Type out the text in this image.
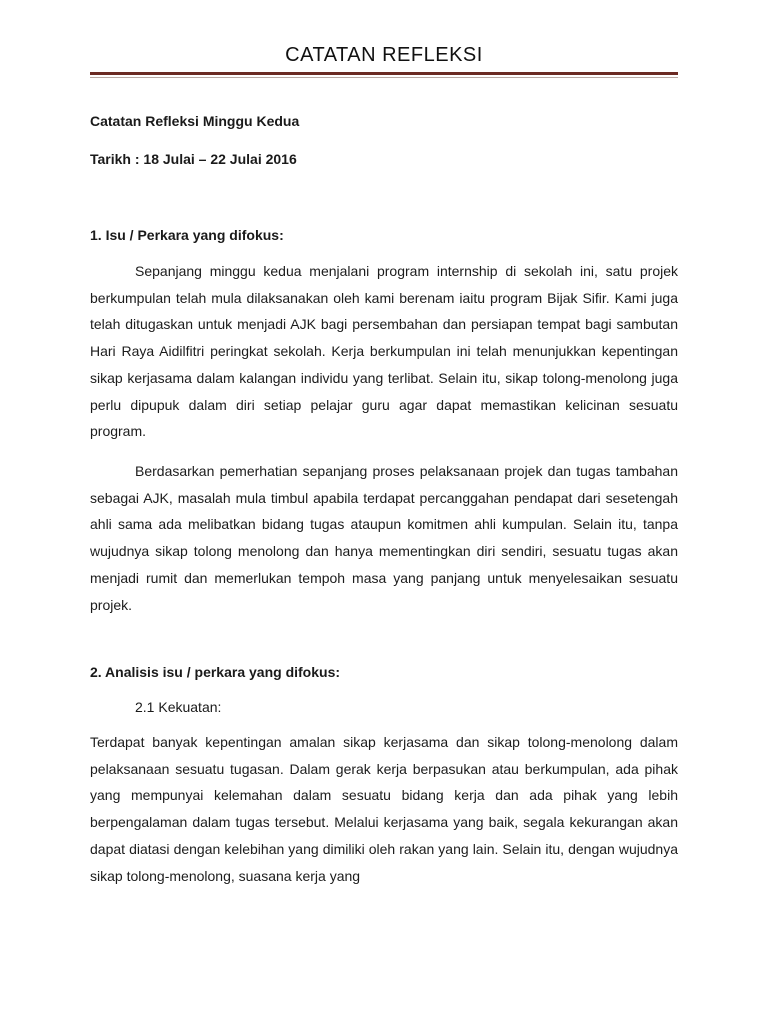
CATATAN REFLEKSI
Catatan Refleksi Minggu Kedua
Tarikh : 18 Julai – 22 Julai 2016
1. Isu / Perkara yang difokus:
Sepanjang minggu kedua menjalani program internship di sekolah ini, satu projek berkumpulan telah mula dilaksanakan oleh kami berenam iaitu program Bijak Sifir. Kami juga telah ditugaskan untuk menjadi AJK bagi persembahan dan persiapan tempat bagi sambutan Hari Raya Aidilfitri peringkat sekolah. Kerja berkumpulan ini telah menunjukkan kepentingan sikap kerjasama dalam kalangan individu yang terlibat. Selain itu, sikap tolong-menolong juga perlu dipupuk dalam diri setiap pelajar guru agar dapat memastikan kelicinan sesuatu program.
Berdasarkan pemerhatian sepanjang proses pelaksanaan projek dan tugas tambahan sebagai AJK, masalah mula timbul apabila terdapat percanggahan pendapat dari sesetengah ahli sama ada melibatkan bidang tugas ataupun komitmen ahli kumpulan. Selain itu, tanpa wujudnya sikap tolong menolong dan hanya mementingkan diri sendiri, sesuatu tugas akan menjadi rumit dan memerlukan tempoh masa yang panjang untuk menyelesaikan sesuatu projek.
2. Analisis isu / perkara yang difokus:
2.1 Kekuatan:
Terdapat banyak kepentingan amalan sikap kerjasama dan sikap tolong-menolong dalam pelaksanaan sesuatu tugasan. Dalam gerak kerja berpasukan atau berkumpulan, ada pihak yang mempunyai kelemahan dalam sesuatu bidang kerja dan ada pihak yang lebih berpengalaman dalam tugas tersebut. Melalui kerjasama yang baik, segala kekurangan akan dapat diatasi dengan kelebihan yang dimiliki oleh rakan yang lain. Selain itu, dengan wujudnya sikap tolong-menolong, suasana kerja yang
